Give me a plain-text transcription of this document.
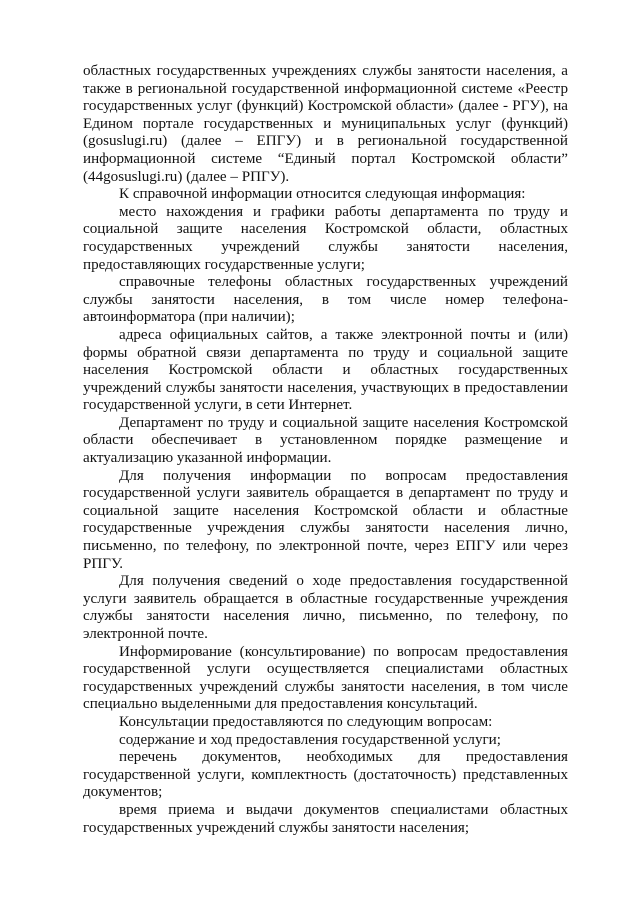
областных государственных учреждениях службы занятости населения, а также в региональной государственной информационной системе «Реестр государственных услуг (функций) Костромской области» (далее - РГУ), на Едином портале государственных и муниципальных услуг (функций) (gosuslugi.ru) (далее – ЕПГУ) и в региональной государственной информационной системе “Единый портал Костромской области” (44gosuslugi.ru) (далее – РПГУ).

К справочной информации относится следующая информация:

место нахождения и графики работы департамента по труду и социальной защите населения Костромской области, областных государственных учреждений службы занятости населения, предоставляющих государственные услуги;

справочные телефоны областных государственных учреждений службы занятости населения, в том числе номер телефона-автоинформатора (при наличии);

адреса официальных сайтов, а также электронной почты и (или) формы обратной связи департамента по труду и социальной защите населения Костромской области и областных государственных учреждений службы занятости населения, участвующих в предоставлении государственной услуги, в сети Интернет.

Департамент по труду и социальной защите населения Костромской области обеспечивает в установленном порядке размещение и актуализацию указанной информации.

Для получения информации по вопросам предоставления государственной услуги заявитель обращается в департамент по труду и социальной защите населения Костромской области и областные государственные учреждения службы занятости населения лично, письменно, по телефону, по электронной почте, через ЕПГУ или через РПГУ.

Для получения сведений о ходе предоставления государственной услуги заявитель обращается в областные государственные учреждения службы занятости населения лично, письменно, по телефону, по электронной почте.

Информирование (консультирование) по вопросам предоставления государственной услуги осуществляется специалистами областных государственных учреждений службы занятости населения, в том числе специально выделенными для предоставления консультаций.

Консультации предоставляются по следующим вопросам:

содержание и ход предоставления государственной услуги;

перечень документов, необходимых для предоставления государственной услуги, комплектность (достаточность) представленных документов;

время приема и выдачи документов специалистами областных государственных учреждений службы занятости населения;
